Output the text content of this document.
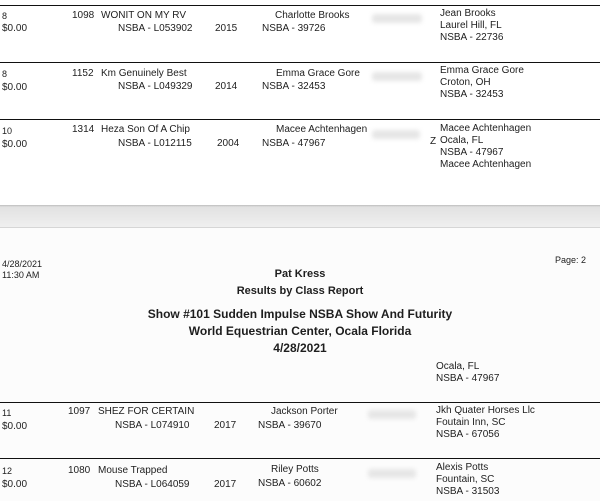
8
$0.00
1098 WONIT ON MY RV
NSBA - L053902 2015
Charlotte Brooks
NSBA - 39726
Jean Brooks
Laurel Hill, FL
NSBA - 22736
8
$0.00
1152 Km Genuinely Best
NSBA - L049329 2014
Emma Grace Gore
NSBA - 32453
Emma Grace Gore
Croton, OH
NSBA - 32453
10
$0.00
1314 Heza Son Of A Chip
NSBA - L012115	2004
Macee Achtenhagen
NSBA - 47967	Z
Macee Achtenhagen
Ocala, FL
NSBA - 47967
Macee Achtenhagen
4/28/2021
11:30 AM
Page: 2
Pat Kress
Results by Class Report
Show #101 Sudden Impulse NSBA Show And Futurity
World Equestrian Center, Ocala Florida
4/28/2021
Ocala, FL
NSBA - 47967
11
$0.00
1097 SHEZ FOR CERTAIN
NSBA - L074910 2017
Jackson Porter
NSBA - 39670
Jkh Quater Horses Llc
Foutain Inn, SC
NSBA - 67056
12
$0.00
1080 Mouse Trapped
NSBA - L064059 2017
Riley Potts
NSBA - 60602
Alexis Potts
Fountain, SC
NSBA - 31503
